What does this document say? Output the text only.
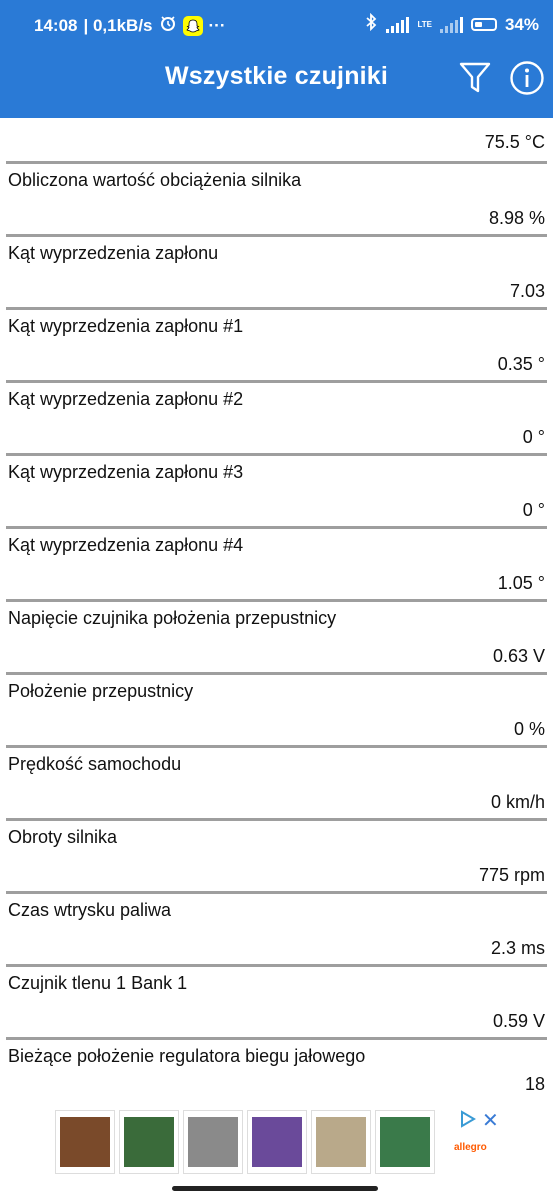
14:08 | 0,1kB/s	···	LTE	34%
Wszystkie czujniki
75.5 °C
Obliczona wartość obciążenia silnika
8.98 %
Kąt wyprzedzenia zapłonu
7.03
Kąt wyprzedzenia zapłonu #1
0.35 °
Kąt wyprzedzenia zapłonu #2
0 °
Kąt wyprzedzenia zapłonu #3
0 °
Kąt wyprzedzenia zapłonu #4
1.05 °
Napięcie czujnika położenia przepustnicy
0.63 V
Położenie przepustnicy
0 %
Prędkość samochodu
0 km/h
Obroty silnika
775 rpm
Czas wtrysku paliwa
2.3 ms
Czujnik tlenu 1 Bank 1
0.59 V
Bieżące położenie regulatora biegu jałowego
18
✕
allegro
